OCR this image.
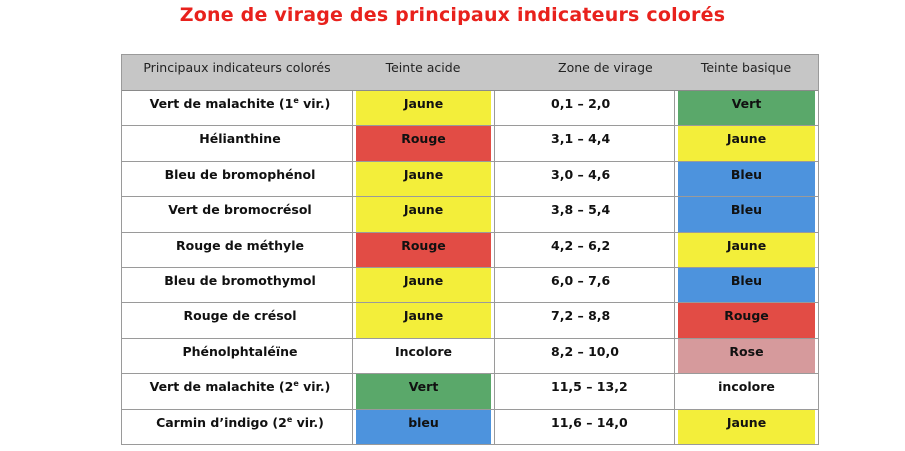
Zone de virage des principaux indicateurs colorés
Principaux indicateurs colorés	Teinte acide	Zone de virage	Teinte basique
Vert de malachite (1e vir.)	Jaune	0,1 – 2,0	Vert
Hélianthine	Rouge	3,1 – 4,4	Jaune
Bleu de bromophénol	Jaune	3,0 – 4,6	Bleu
Vert de bromocrésol	Jaune	3,8 – 5,4	Bleu
Rouge de méthyle	Rouge	4,2 – 6,2	Jaune
Bleu de bromothymol	Jaune	6,0 – 7,6	Bleu
Rouge de crésol	Jaune	7,2 – 8,8	Rouge
Phénolphtaléïne	Incolore	8,2 – 10,0	Rose
Vert de malachite (2e vir.)	Vert	11,5 – 13,2	incolore
Carmin d’indigo (2e vir.)	bleu	11,6 – 14,0	Jaune
